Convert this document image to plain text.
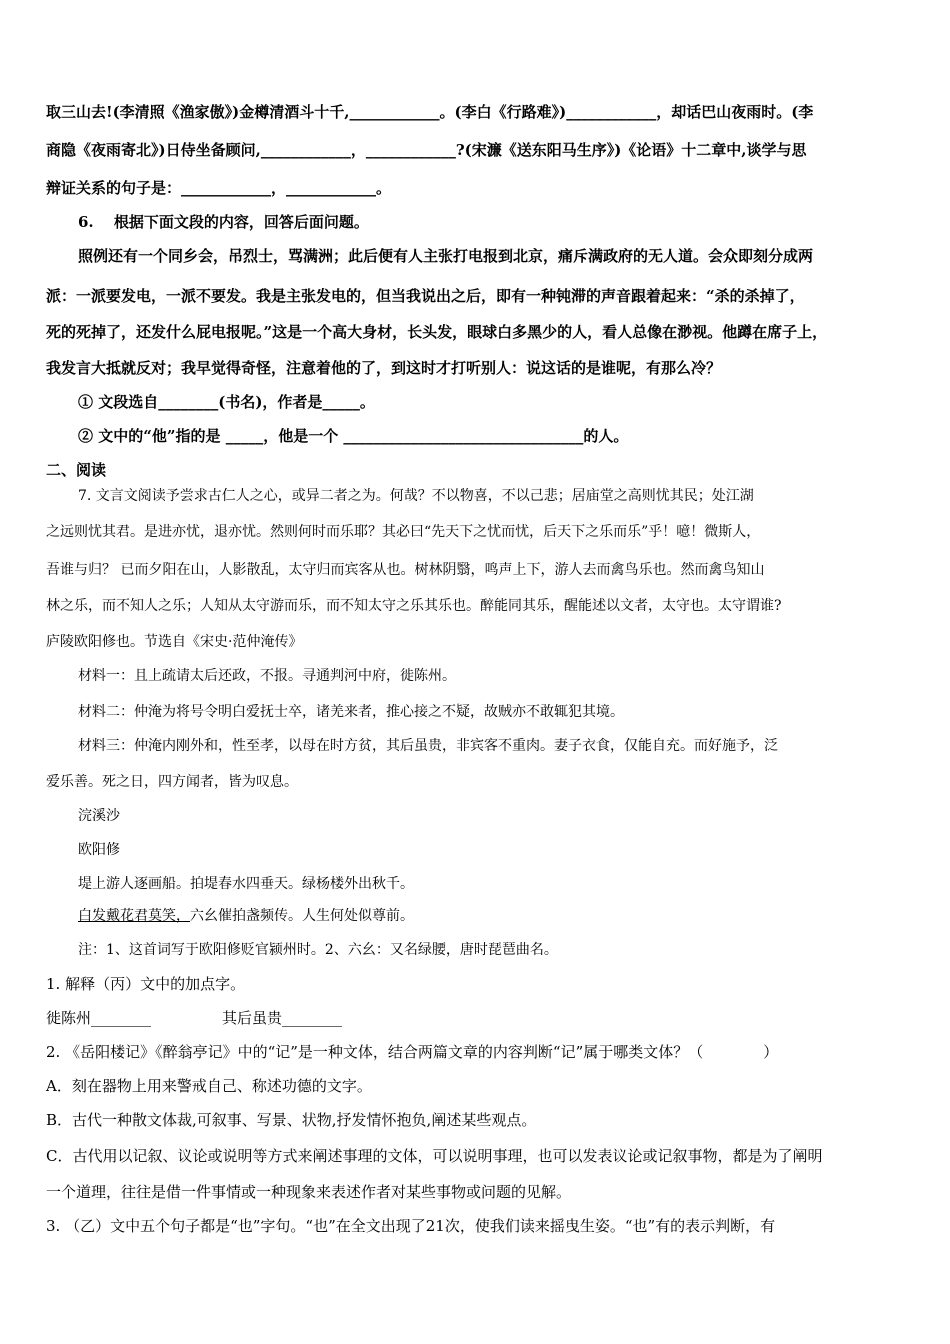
取三山去!(李清照《渔家傲》)金樽清酒斗十千,____________。(李白《行路难》)____________，却话巴山夜雨时。(李
商隐《夜雨寄北》)日侍坐备顾问,____________，____________?(宋濂《送东阳马生序》)《论语》十二章中,谈学与思
辩证关系的句子是：____________，____________。
6.　 根据下面文段的内容，回答后面问题。
照例还有一个同乡会，吊烈士，骂满洲；此后便有人主张打电报到北京，痛斥满政府的无人道。会众即刻分成两
派：一派要发电，一派不要发。我是主张发电的，但当我说出之后，即有一种钝滞的声音跟着起来：“杀的杀掉了，
死的死掉了，还发什么屁电报呢。”这是一个高大身材，长头发，眼球白多黑少的人，看人总像在渺视。他蹲在席子上，
我发言大抵就反对；我早觉得奇怪，注意着他的了，到这时才打听别人：说这话的是谁呢，有那么冷？
① 文段选自________(书名)，作者是_____。
② 文中的“他”指的是 _____，他是一个 ________________________________的人。
二、阅读
7. 文言文阅读予尝求古仁人之心，或异二者之为。何哉？不以物喜，不以己悲；居庙堂之高则忧其民；处江湖
之远则忧其君。是进亦忧，退亦忧。然则何时而乐耶？其必曰“先天下之忧而忧，后天下之乐而乐”乎！噫！微斯人，
吾谁与归？ 已而夕阳在山，人影散乱，太守归而宾客从也。树林阴翳，鸣声上下，游人去而禽鸟乐也。然而禽鸟知山
林之乐，而不知人之乐；人知从太守游而乐，而不知太守之乐其乐也。醉能同其乐，醒能述以文者，太守也。太守谓谁?
庐陵欧阳修也。节选自《宋史·范仲淹传》
材料一：且上疏请太后还政，不报。寻通判河中府，徙陈州。
材料二：仲淹为将号令明白爱抚士卒，诸羌来者，推心接之不疑，故贼亦不敢辄犯其境。
材料三：仲淹内刚外和，性至孝，以母在时方贫，其后虽贵，非宾客不重肉。妻子衣食，仅能自充。而好施予，泛
爱乐善。死之日，四方闻者，皆为叹息。
浣溪沙
欧阳修
堤上游人逐画船。拍堤春水四垂天。绿杨楼外出秋千。
白发戴花君莫笑，六幺催拍盏频传。人生何处似尊前。
注：1、这首词写于欧阳修贬官颍州时。2、六幺：又名绿腰，唐时琵琶曲名。
1. 解释（丙）文中的加点字。
徙陈州________	其后虽贵________
2. 《岳阳楼记》《醉翁亭记》中的“记”是一种文体，结合两篇文章的内容判断“记”属于哪类文体？（　　　　）
A．刻在器物上用来警戒自己、称述功德的文字。
B．古代一种散文体裁,可叙事、写景、状物,抒发情怀抱负,阐述某些观点。
C．古代用以记叙、议论或说明等方式来阐述事理的文体，可以说明事理，也可以发表议论或记叙事物，都是为了阐明
一个道理，往往是借一件事情或一种现象来表述作者对某些事物或问题的见解。
3. （乙）文中五个句子都是“也”字句。“也”在全文出现了21次，使我们读来摇曳生姿。“也”有的表示判断，有
